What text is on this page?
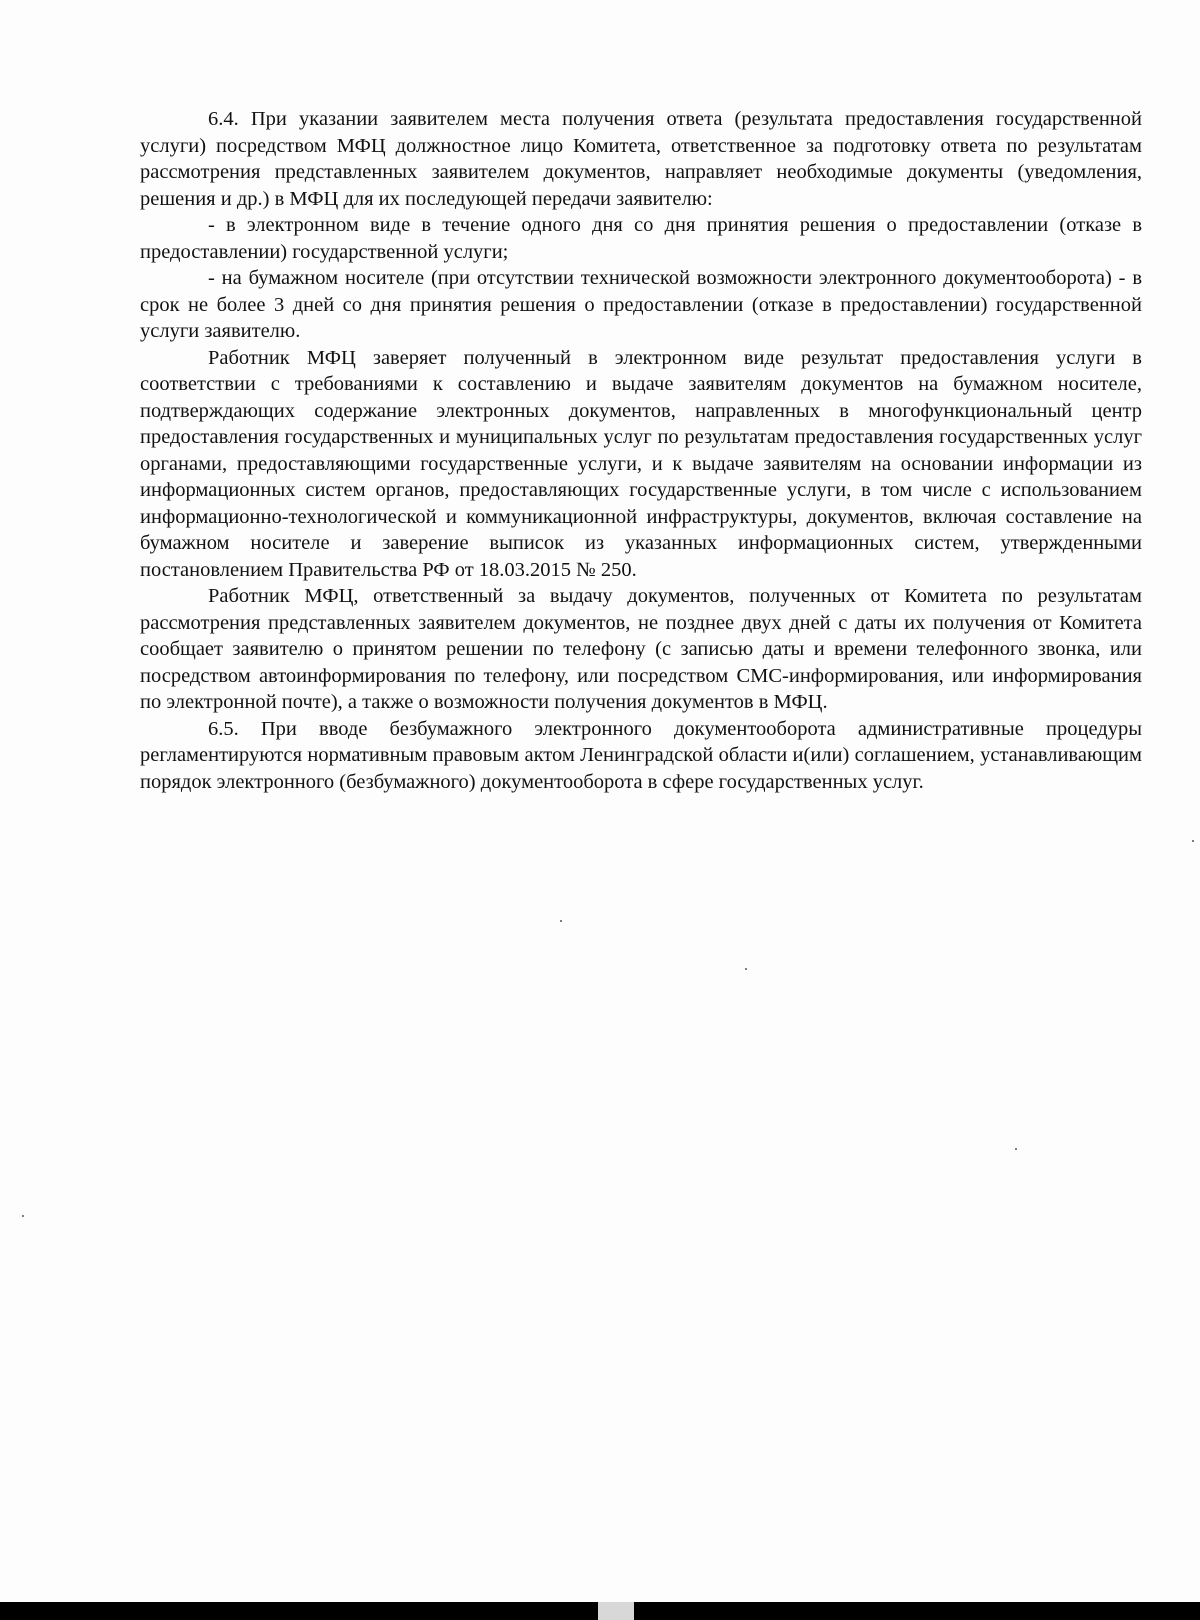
6.4. При указании заявителем места получения ответа (результата предоставления государственной услуги) посредством МФЦ должностное лицо Комитета, ответственное за подготовку ответа по результатам рассмотрения представленных заявителем документов, направляет необходимые документы (уведомления, решения и др.) в МФЦ для их последующей передачи заявителю:

- в электронном виде в течение одного дня со дня принятия решения о предоставлении (отказе в предоставлении) государственной услуги;

- на бумажном носителе (при отсутствии технической возможности электронного документооборота) - в срок не более 3 дней со дня принятия решения о предоставлении (отказе в предоставлении) государственной услуги заявителю.

Работник МФЦ заверяет полученный в электронном виде результат предоставления услуги в соответствии с требованиями к составлению и выдаче заявителям документов на бумажном носителе, подтверждающих содержание электронных документов, направленных в многофункциональный центр предоставления государственных и муниципальных услуг по результатам предоставления государственных услуг органами, предоставляющими государственные услуги, и к выдаче заявителям на основании информации из информационных систем органов, предоставляющих государственные услуги, в том числе с использованием информационно-технологической и коммуникационной инфраструктуры, документов, включая составление на бумажном носителе и заверение выписок из указанных информационных систем, утвержденными постановлением Правительства РФ от 18.03.2015 № 250.

Работник МФЦ, ответственный за выдачу документов, полученных от Комитета по результатам рассмотрения представленных заявителем документов, не позднее двух дней с даты их получения от Комитета сообщает заявителю о принятом решении по телефону (с записью даты и времени телефонного звонка, или посредством автоинформирования по телефону, или посредством СМС-информирования, или информирования по электронной почте), а также о возможности получения документов в МФЦ.

6.5. При вводе безбумажного электронного документооборота административные процедуры регламентируются нормативным правовым актом Ленинградской области и(или) соглашением, устанавливающим порядок электронного (безбумажного) документооборота в сфере государственных услуг.
